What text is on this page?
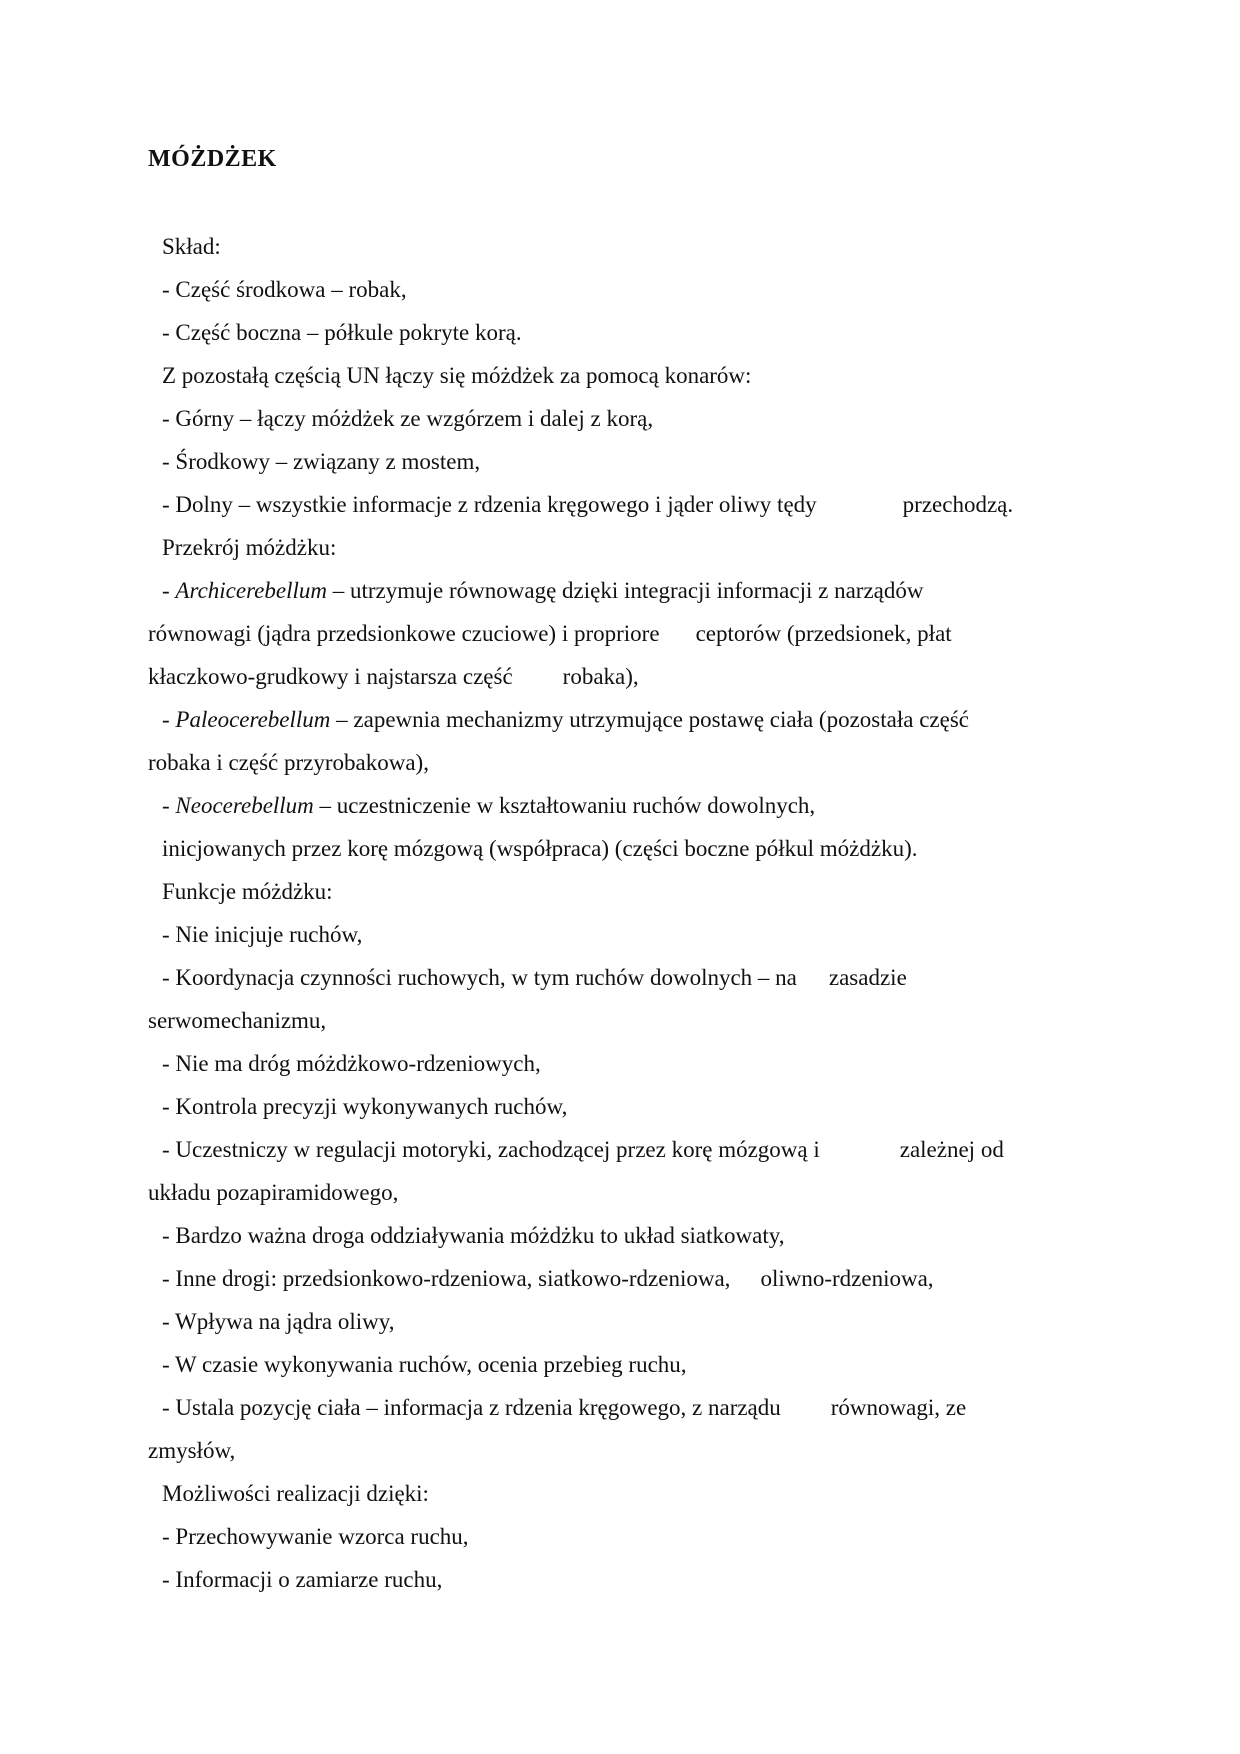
MÓŻDŻEK
Skład:
- Część środkowa – robak,
- Część boczna – półkule pokryte korą.
Z pozostałą częścią UN łączy się móżdżek za pomocą konarów:
- Górny – łączy móżdżek ze wzgórzem i dalej z korą,
- Środkowy – związany z mostem,
- Dolny – wszystkie informacje z rdzenia kręgowego i jąder oliwy tędy	przechodzą.
Przekrój móżdżku:
- Archicerebellum – utrzymuje równowagę dzięki integracji informacji z narządów
równowagi (jądra przedsionkowe czuciowe) i propriore ceptorów (przedsionek, płat
kłaczkowo-grudkowy i najstarsza część robaka),
- Paleocerebellum – zapewnia mechanizmy utrzymujące postawę ciała (pozostała część
robaka i część przyrobakowa),
- Neocerebellum – uczestniczenie w kształtowaniu ruchów dowolnych,
inicjowanych przez korę mózgową (współpraca) (części boczne półkul móżdżku).
Funkcje móżdżku:
- Nie inicjuje ruchów,
- Koordynacja czynności ruchowych, w tym ruchów dowolnych – na zasadzie
serwomechanizmu,
- Nie ma dróg móżdżkowo-rdzeniowych,
- Kontrola precyzji wykonywanych ruchów,
- Uczestniczy w regulacji motoryki, zachodzącej przez korę mózgową i	zależnej od
układu pozapiramidowego,
- Bardzo ważna droga oddziaływania móżdżku to układ siatkowaty,
- Inne drogi: przedsionkowo-rdzeniowa, siatkowo-rdzeniowa, oliwno-rdzeniowa,
- Wpływa na jądra oliwy,
- W czasie wykonywania ruchów, ocenia przebieg ruchu,
- Ustala pozycję ciała – informacja z rdzenia kręgowego, z narządu równowagi, ze
zmysłów,
Możliwości realizacji dzięki:
- Przechowywanie wzorca ruchu,
- Informacji o zamiarze ruchu,
